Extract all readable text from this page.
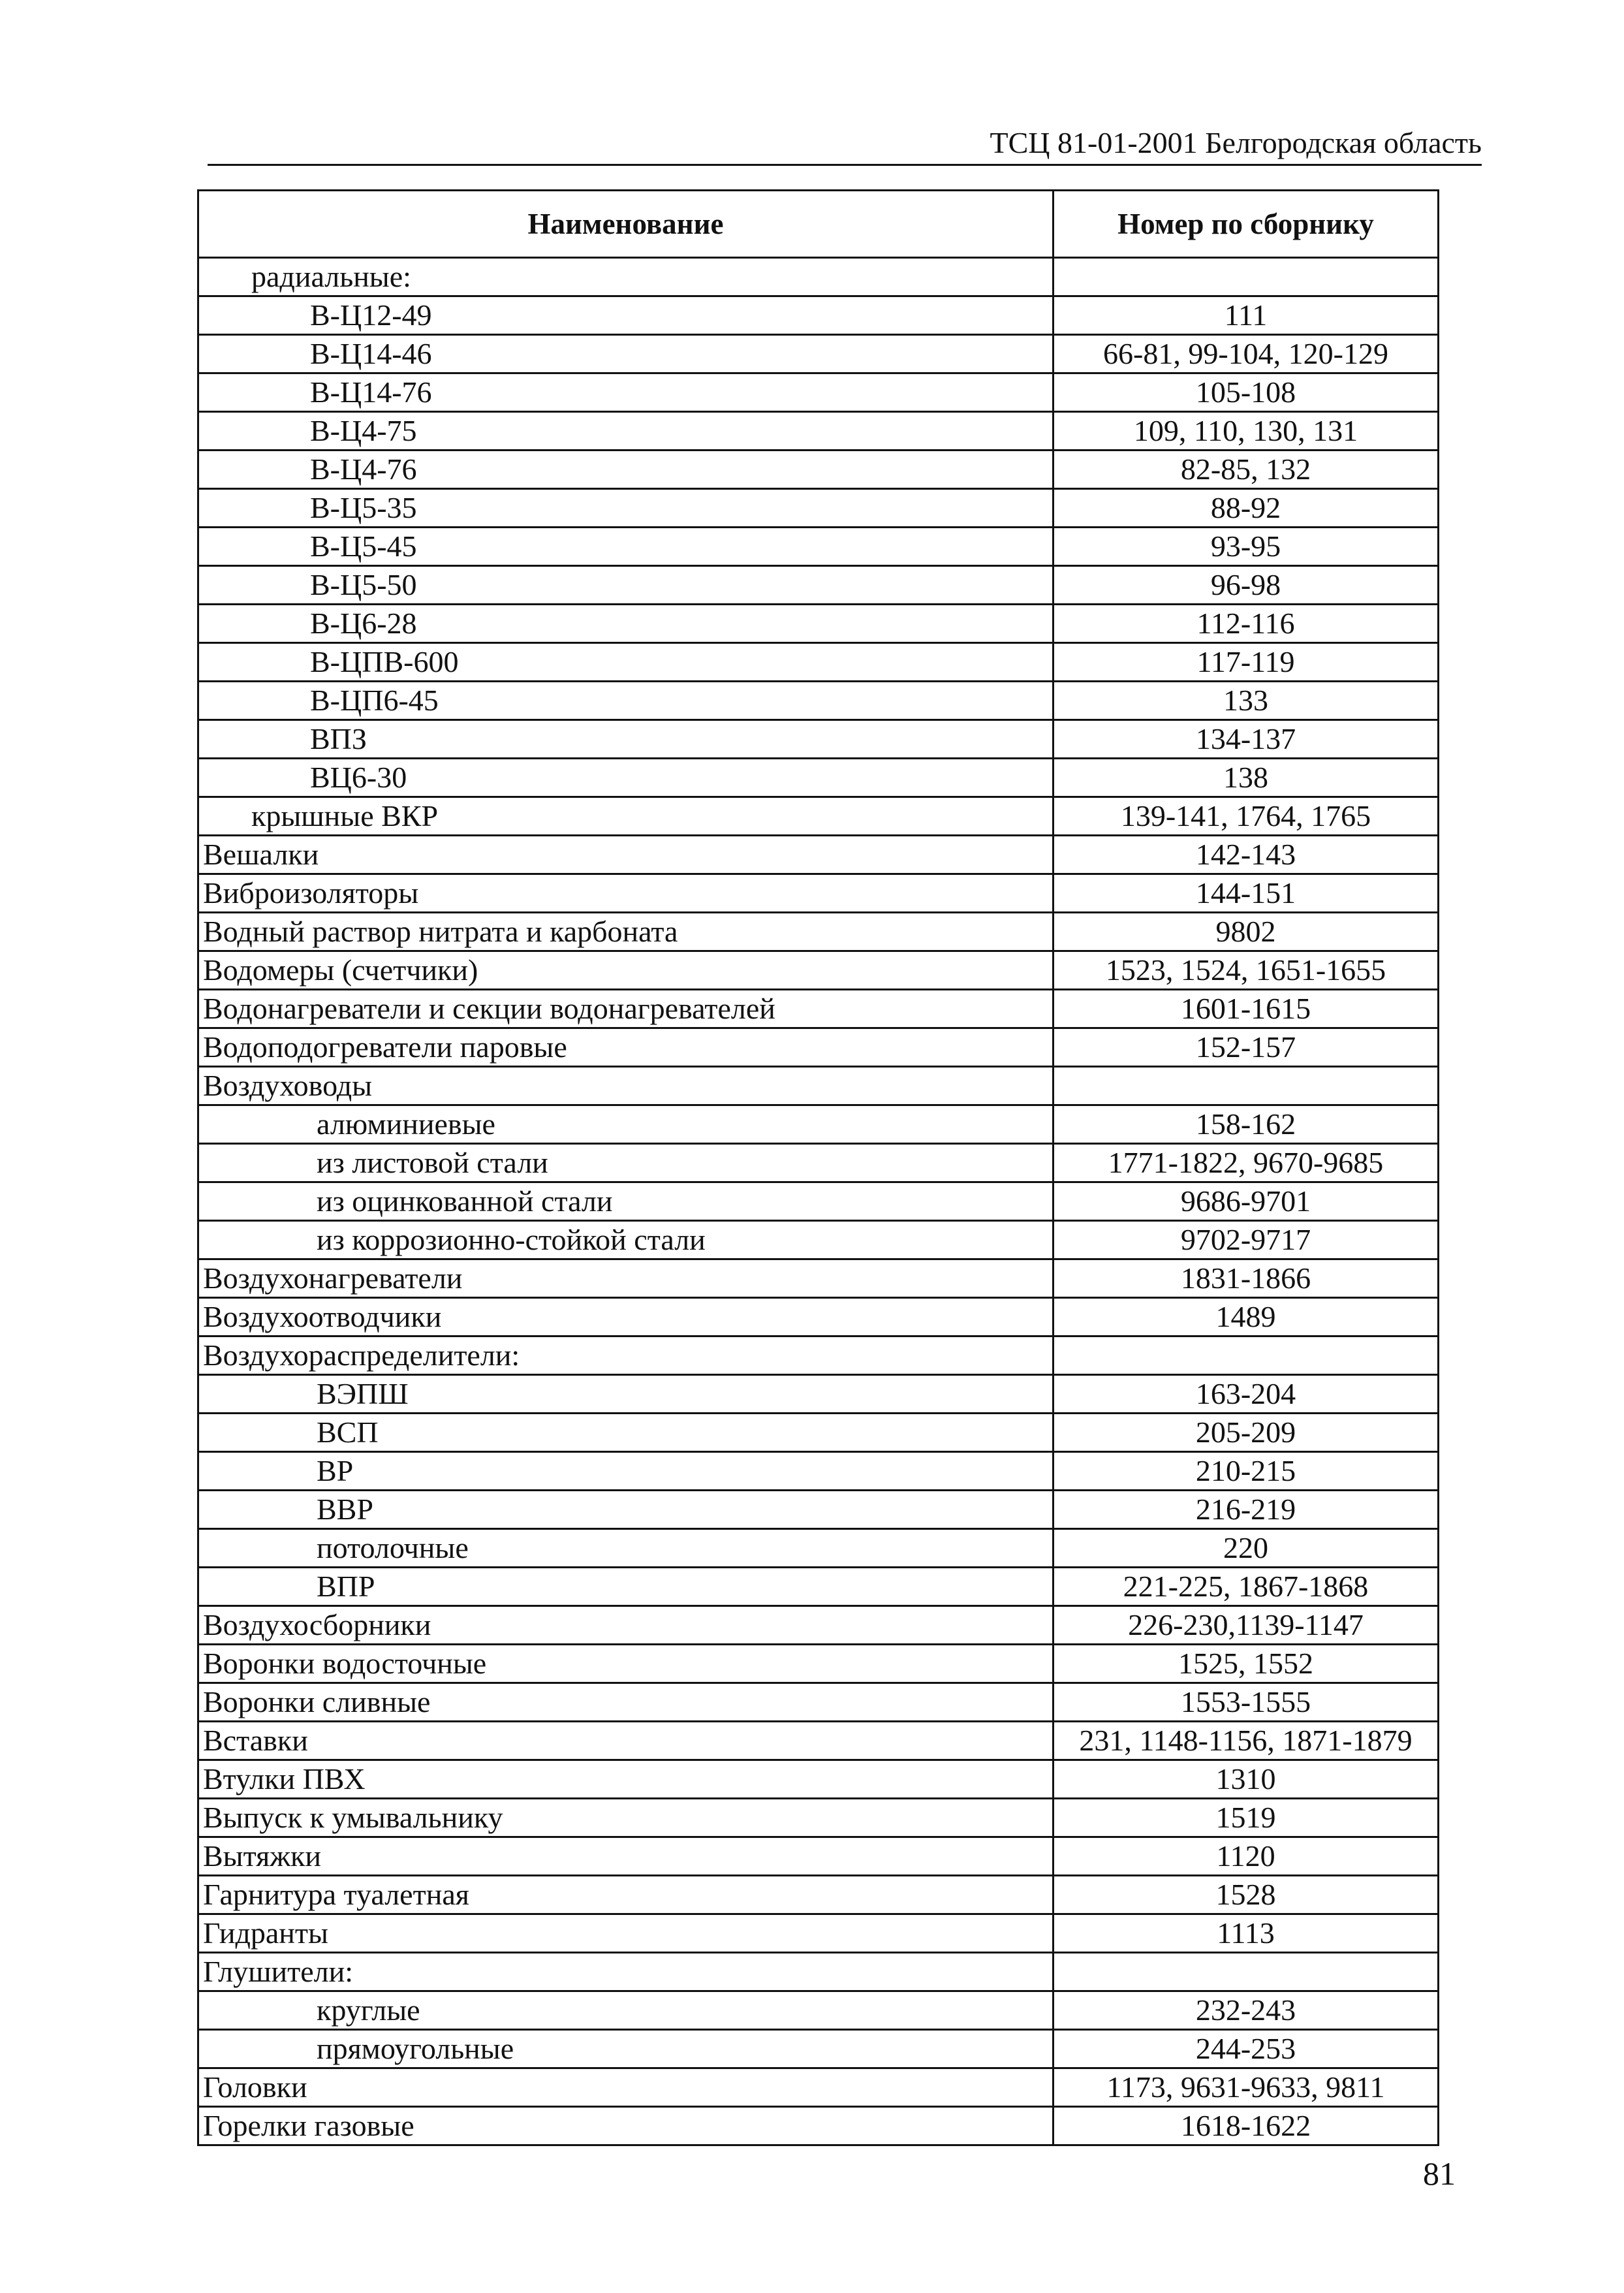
ТСЦ 81-01-2001 Белгородская область
Наименование	Номер по сборнику
радиальные:	
В-Ц12-49	111
В-Ц14-46	66-81, 99-104, 120-129
В-Ц14-76	105-108
В-Ц4-75	109, 110, 130, 131
В-Ц4-76	82-85, 132
В-Ц5-35	88-92
В-Ц5-45	93-95
В-Ц5-50	96-98
В-Ц6-28	112-116
В-ЦПВ-600	117-119
В-ЦП6-45	133
ВПЗ	134-137
ВЦ6-30	138
крышные ВКР	139-141, 1764, 1765
Вешалки	142-143
Виброизоляторы	144-151
Водный раствор нитрата и карбоната	9802
Водомеры (счетчики)	1523, 1524, 1651-1655
Водонагреватели и секции водонагревателей	1601-1615
Водоподогреватели паровые	152-157
Воздуховоды	
алюминиевые	158-162
из листовой стали	1771-1822, 9670-9685
из оцинкованной стали	9686-9701
из коррозионно-стойкой стали	9702-9717
Воздухонагреватели	1831-1866
Воздухоотводчики	1489
Воздухораспределители:	
ВЭПШ	163-204
ВСП	205-209
ВР	210-215
ВВР	216-219
потолочные	220
ВПР	221-225, 1867-1868
Воздухосборники	226-230,1139-1147
Воронки водосточные	1525, 1552
Воронки сливные	1553-1555
Вставки	231, 1148-1156, 1871-1879
Втулки ПВХ	1310
Выпуск к умывальнику	1519
Вытяжки	1120
Гарнитура туалетная	1528
Гидранты	1113
Глушители:	
круглые	232-243
прямоугольные	244-253
Головки	1173, 9631-9633, 9811
Горелки газовые	1618-1622
81
